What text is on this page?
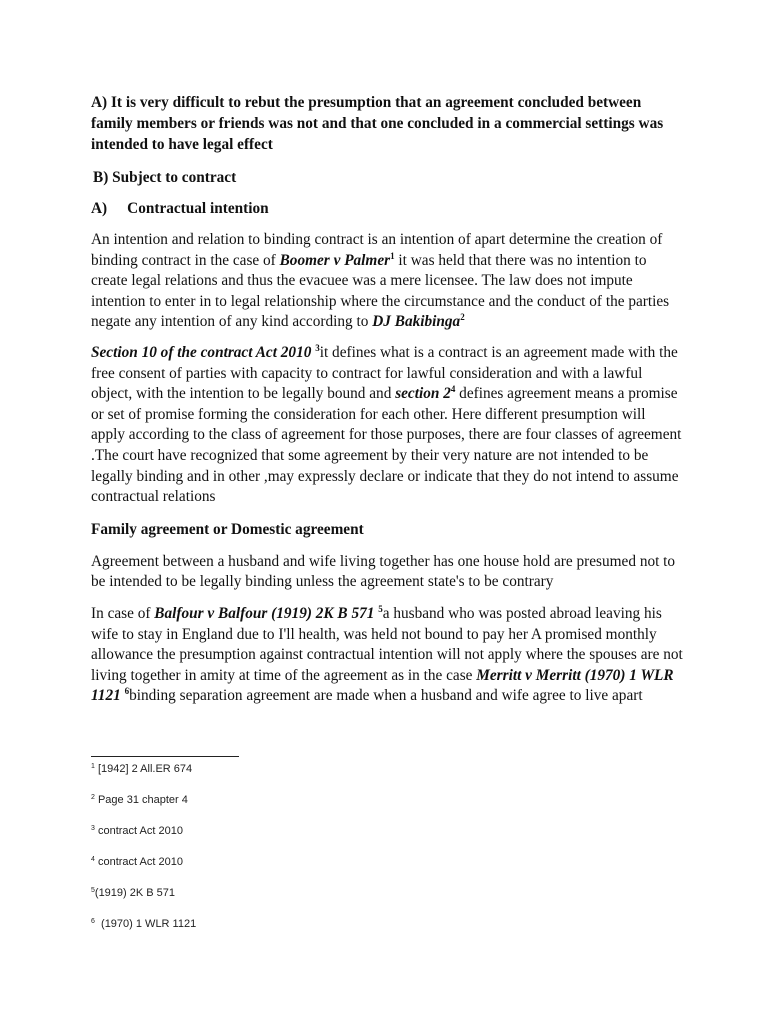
A) It is very difficult to rebut the presumption that an agreement concluded between family members or friends was not and that one concluded in a commercial settings was intended to have legal effect

B) Subject to contract

A) Contractual intention

An intention and relation to binding contract is an intention of apart determine the creation of binding contract in the case of Boomer v Palmer$^1$ it was held that there was no intention to create legal relations and thus the evacuee was a mere licensee. The law does not impute intention to enter in to legal relationship where the circumstance and the conduct of the parties negate any intention of any kind according to DJ Bakibinga$^2$

Section 10 of the contract Act 2010 $^3$it defines what is a contract is an agreement made with the free consent of parties with capacity to contract for lawful consideration and with a lawful object, with the intention to be legally bound and section $2^4$ defines agreement means a promise or set of promise forming the consideration for each other. Here different presumption will apply according to the class of agreement for those purposes, there are four classes of agreement .The court have recognized that some agreement by their very nature are not intended to be legally binding and in other ,may expressly declare or indicate that they do not intend to assume contractual relations

Family agreement or Domestic agreement

Agreement between a husband and wife living together has one house hold are presumed not to be intended to be legally binding unless the agreement state's to be contrary

In case of Balfour v Balfour (1919) 2K B 571 $^5$a husband who was posted abroad leaving his wife to stay in England due to I'll health, was held not bound to pay her A promised monthly allowance the presumption against contractual intention will not apply where the spouses are not living together in amity at time of the agreement as in the case Merritt v Merritt (1970) 1 WLR 1121 $^6$binding separation agreement are made when a husband and wife agree to live apart

$^1$ [1942] 2 All.ER 674
$^2$ Page 31 chapter 4
$^3$ contract Act 2010
$^4$ contract Act 2010
$^5$(1919) 2K B 571
$^6$ (1970) 1 WLR 1121
